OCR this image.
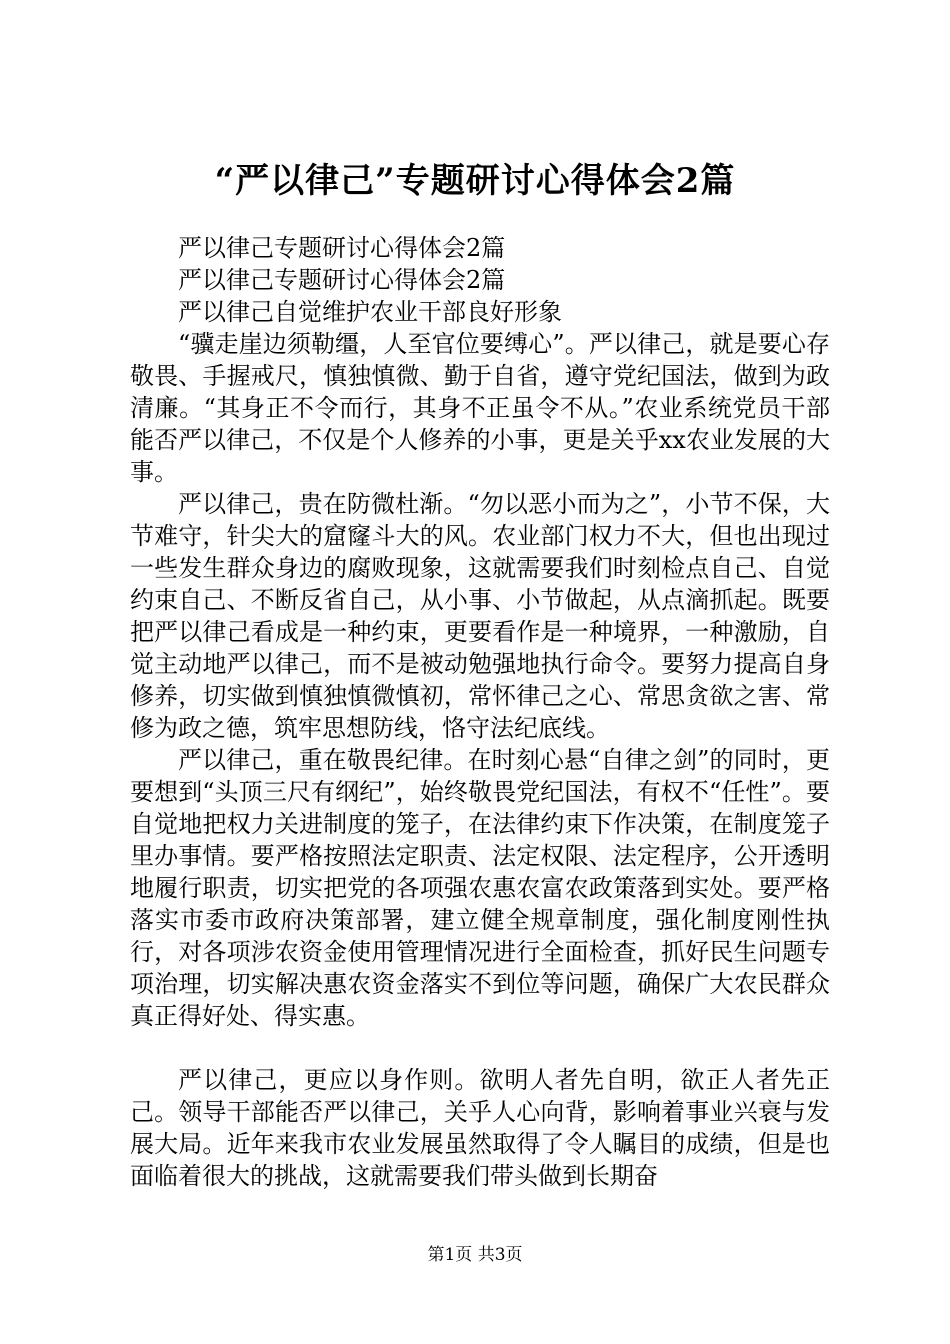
“严以律己”专题研讨心得体会2篇

严以律己专题研讨心得体会2篇

严以律己专题研讨心得体会2篇

严以律己自觉维护农业干部良好形象

“骥走崖边须勒缰，人至官位要缚心”。严以律己，就是要心存敬畏、手握戒尺，慎独慎微、勤于自省，遵守党纪国法，做到为政清廉。“其身正不令而行，其身不正虽令不从。”农业系统党员干部能否严以律己，不仅是个人修养的小事，更是关乎xx农业发展的大事。

严以律己，贵在防微杜渐。“勿以恶小而为之”，小节不保，大节难守，针尖大的窟窿斗大的风。农业部门权力不大，但也出现过一些发生群众身边的腐败现象，这就需要我们时刻检点自己、自觉约束自己、不断反省自己，从小事、小节做起，从点滴抓起。既要把严以律己看成是一种约束，更要看作是一种境界，一种激励，自觉主动地严以律己，而不是被动勉强地执行命令。要努力提高自身修养，切实做到慎独慎微慎初，常怀律己之心、常思贪欲之害、常修为政之德，筑牢思想防线，恪守法纪底线。

严以律己，重在敬畏纪律。在时刻心悬“自律之剑”的同时，更要想到“头顶三尺有纲纪”，始终敬畏党纪国法，有权不“任性”。要自觉地把权力关进制度的笼子，在法律约束下作决策，在制度笼子里办事情。要严格按照法定职责、法定权限、法定程序，公开透明地履行职责，切实把党的各项强农惠农富农政策落到实处。要严格落实市委市政府决策部署，建立健全规章制度，强化制度刚性执行，对各项涉农资金使用管理情况进行全面检查，抓好民生问题专项治理，切实解决惠农资金落实不到位等问题，确保广大农民群众真正得好处、得实惠。

严以律己，更应以身作则。欲明人者先自明，欲正人者先正己。领导干部能否严以律己，关乎人心向背，影响着事业兴衰与发展大局。近年来我市农业发展虽然取得了令人瞩目的成绩，但是也面临着很大的挑战，这就需要我们带头做到长期奋

第1页 共3页
